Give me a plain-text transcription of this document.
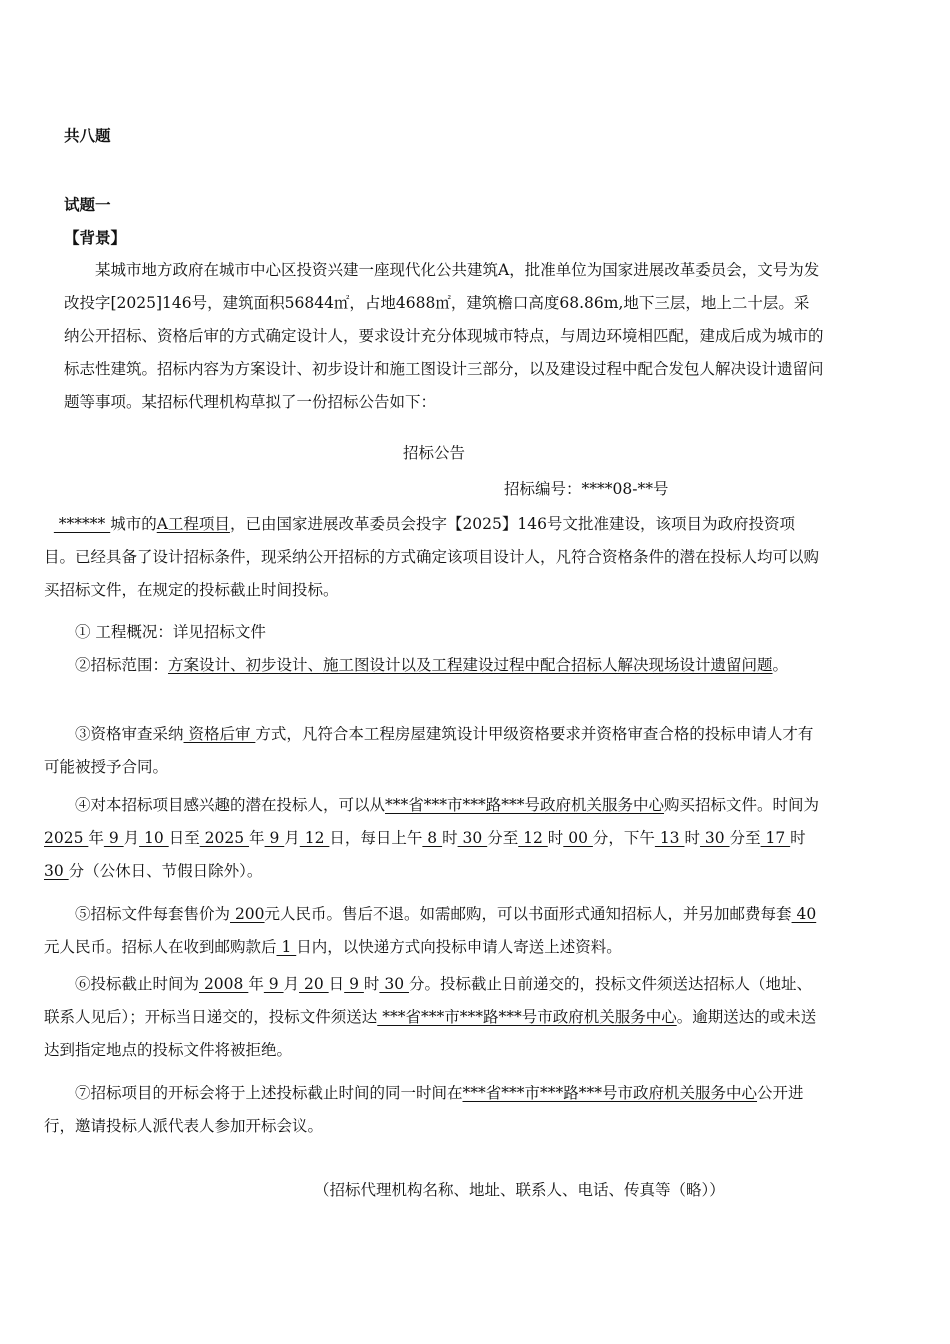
共八题
试题一
【背景】

某城市地方政府在城市中心区投资兴建一座现代化公共建筑A，批准单位为国家进展改革委员会，文号为发改投字[2025]146号，建筑面积56844㎡，占地4688㎡，建筑檐口高度68.86m,地下三层，地上二十层。采纳公开招标、资格后审的方式确定设计人，要求设计充分体现城市特点，与周边环境相匹配，建成后成为城市的标志性建筑。招标内容为方案设计、初步设计和施工图设计三部分，以及建设过程中配合发包人解决设计遗留问题等事项。某招标代理机构草拟了一份招标公告如下：

招标公告
招标编号：****08-**号

****** 城市的A工程项目，已由国家进展改革委员会投字【2025】146号文批准建设，该项目为政府投资项目。已经具备了设计招标条件，现采纳公开招标的方式确定该项目设计人，凡符合资格条件的潜在投标人均可以购买招标文件，在规定的投标截止时间投标。

① 工程概况：详见招标文件

②招标范围：方案设计、初步设计、施工图设计以及工程建设过程中配合招标人解决现场设计遗留问题。

③资格审查采纳 资格后审 方式，凡符合本工程房屋建筑设计甲级资格要求并资格审查合格的投标申请人才有可能被授予合同。

④对本招标项目感兴趣的潜在投标人，可以从***省***市***路***号政府机关服务中心购买招标文件。时间为 2025 年 9 月 10 日至 2025 年 9 月 12 日，每日上午 8 时 30 分至 12 时 00 分，下午 13 时 30 分至 17 时 30 分（公休日、节假日除外）。

⑤招标文件每套售价为 200元人民币。售后不退。如需邮购，可以书面形式通知招标人，并另加邮费每套 40元人民币。招标人在收到邮购款后 1 日内，以快递方式向投标申请人寄送上述资料。

⑥投标截止时间为 2008 年 9 月 20 日 9 时 30 分。投标截止日前递交的，投标文件须送达招标人（地址、联系人见后）；开标当日递交的，投标文件须送达 ***省***市***路***号市政府机关服务中心。逾期送达的或未送达到指定地点的投标文件将被拒绝。

⑦招标项目的开标会将于上述投标截止时间的同一时间在***省***市***路***号市政府机关服务中心公开进行，邀请投标人派代表人参加开标会议。

（招标代理机构名称、地址、联系人、电话、传真等（略））
